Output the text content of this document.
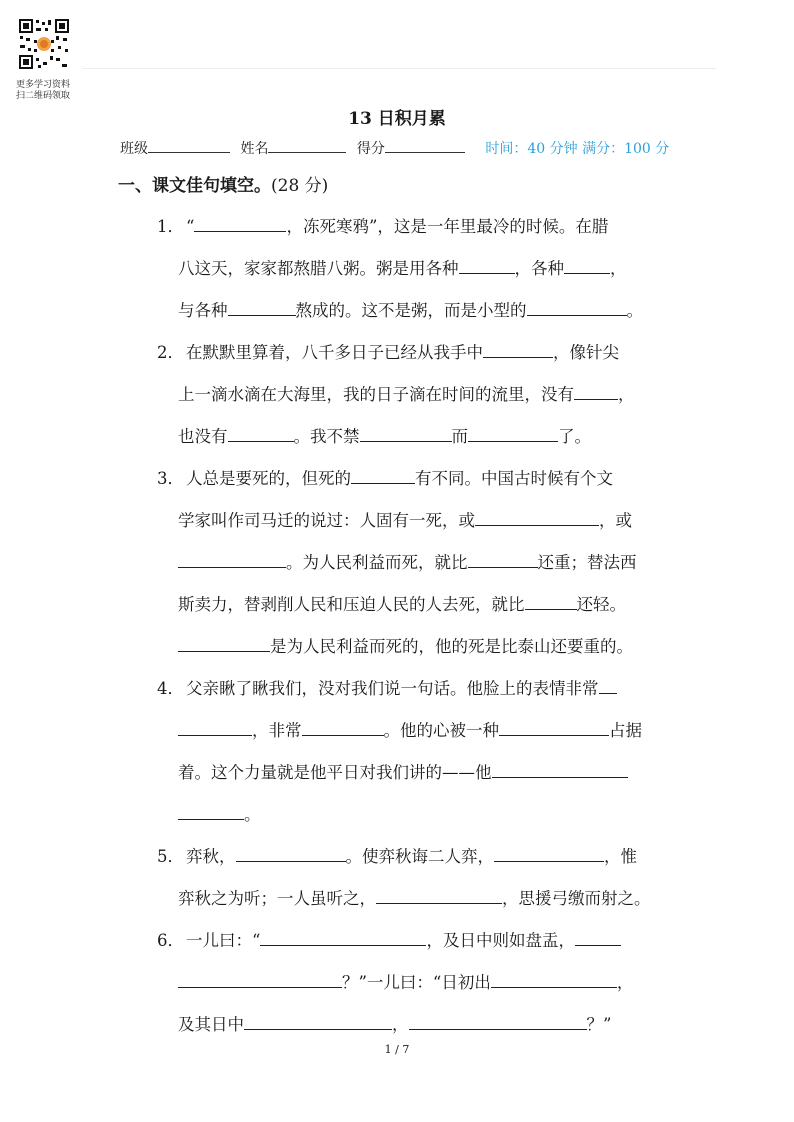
更多学习资料
扫二维码领取
13 日积月累
班级	姓名	得分	时间：40 分钟 满分：100 分
一、课文佳句填空。(28 分)
1． “	，冻死寒鸦”，这是一年里最冷的时候。在腊
八这天，家家都熬腊八粥。粥是用各种	，各种	，
与各种	熬成的。这不是粥，而是小型的	。
2． 在默默里算着，八千多日子已经从我手中	，像针尖
上一滴水滴在大海里，我的日子滴在时间的流里，没有	，
也没有	。我不禁	而	了。
3． 人总是要死的，但死的	有不同。中国古时候有个文
学家叫作司马迁的说过：人固有一死，或	，或
。为人民利益而死，就比	还重；替法西
斯卖力，替剥削人民和压迫人民的人去死，就比	还轻。
是为人民利益而死的，他的死是比泰山还要重的。
4． 父亲瞅了瞅我们，没对我们说一句话。他脸上的表情非常
，非常	。他的心被一种	占据
着。这个力量就是他平日对我们讲的——他
。
5． 弈秋，	。使弈秋诲二人弈，	，惟
弈秋之为听；一人虽听之，	，思援弓缴而射之。
6． 一儿曰：“	，及日中则如盘盂，
？”一儿曰：“日初出	，
及其日中	，	？”
1 / 7
